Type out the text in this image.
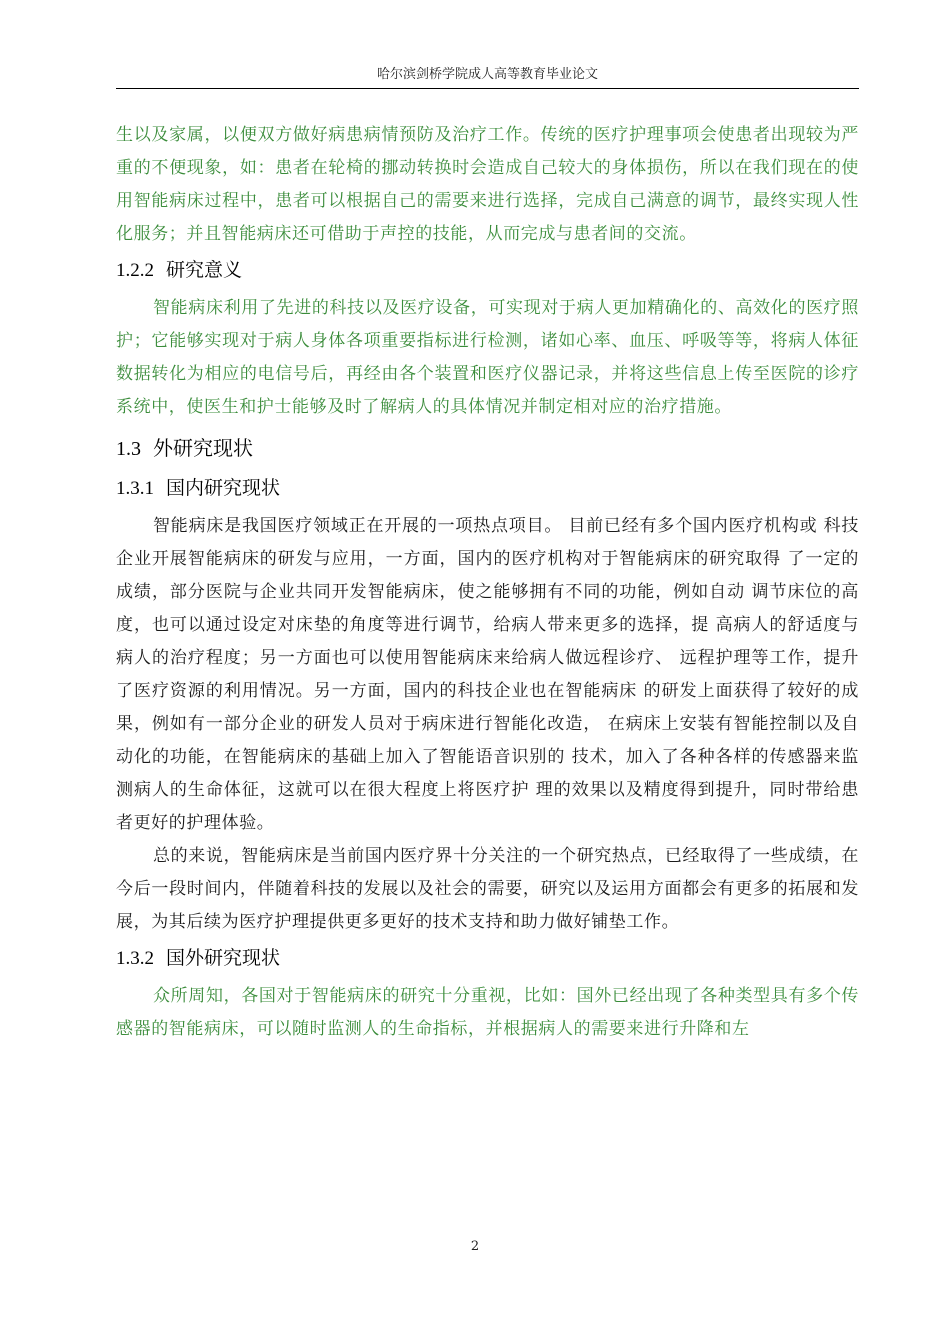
哈尔滨剑桥学院成人高等教育毕业论文

生以及家属，以便双方做好病患病情预防及治疗工作。传统的医疗护理事项会使患者出现较为严重的不便现象，如：患者在轮椅的挪动转换时会造成自己较大的身体损伤，所以在我们现在的使用智能病床过程中，患者可以根据自己的需要来进行选择，完成自己满意的调节，最终实现人性化服务；并且智能病床还可借助于声控的技能，从而完成与患者间的交流。

1.2.2 研究意义

智能病床利用了先进的科技以及医疗设备，可实现对于病人更加精确化的、高效化的医疗照护；它能够实现对于病人身体各项重要指标进行检测，诸如心率、血压、呼吸等等，将病人体征数据转化为相应的电信号后，再经由各个装置和医疗仪器记录，并将这些信息上传至医院的诊疗系统中，使医生和护士能够及时了解病人的具体情况并制定相对应的治疗措施。

1.3 外研究现状
1.3.1 国内研究现状

智能病床是我国医疗领域正在开展的一项热点项目。 目前已经有多个国内医疗机构或 科技企业开展智能病床的研发与应用，一方面，国内的医疗机构对于智能病床的研究取得 了一定的成绩，部分医院与企业共同开发智能病床，使之能够拥有不同的功能，例如自动 调节床位的高度，也可以通过设定对床垫的角度等进行调节，给病人带来更多的选择，提 高病人的舒适度与病人的治疗程度；另一方面也可以使用智能病床来给病人做远程诊疗、 远程护理等工作，提升了医疗资源的利用情况。另一方面，国内的科技企业也在智能病床 的研发上面获得了较好的成果，例如有一部分企业的研发人员对于病床进行智能化改造， 在病床上安装有智能控制以及自动化的功能，在智能病床的基础上加入了智能语音识别的 技术，加入了各种各样的传感器来监测病人的生命体征，这就可以在很大程度上将医疗护 理的效果以及精度得到提升，同时带给患者更好的护理体验。

总的来说，智能病床是当前国内医疗界十分关注的一个研究热点，已经取得了一些成绩，在今后一段时间内，伴随着科技的发展以及社会的需要，研究以及运用方面都会有更多的拓展和发展，为其后续为医疗护理提供更多更好的技术支持和助力做好铺垫工作。

1.3.2 国外研究现状

众所周知，各国对于智能病床的研究十分重视，比如：国外已经出现了各种类型具有多个传感器的智能病床，可以随时监测人的生命指标，并根据病人的需要来进行升降和左

2
